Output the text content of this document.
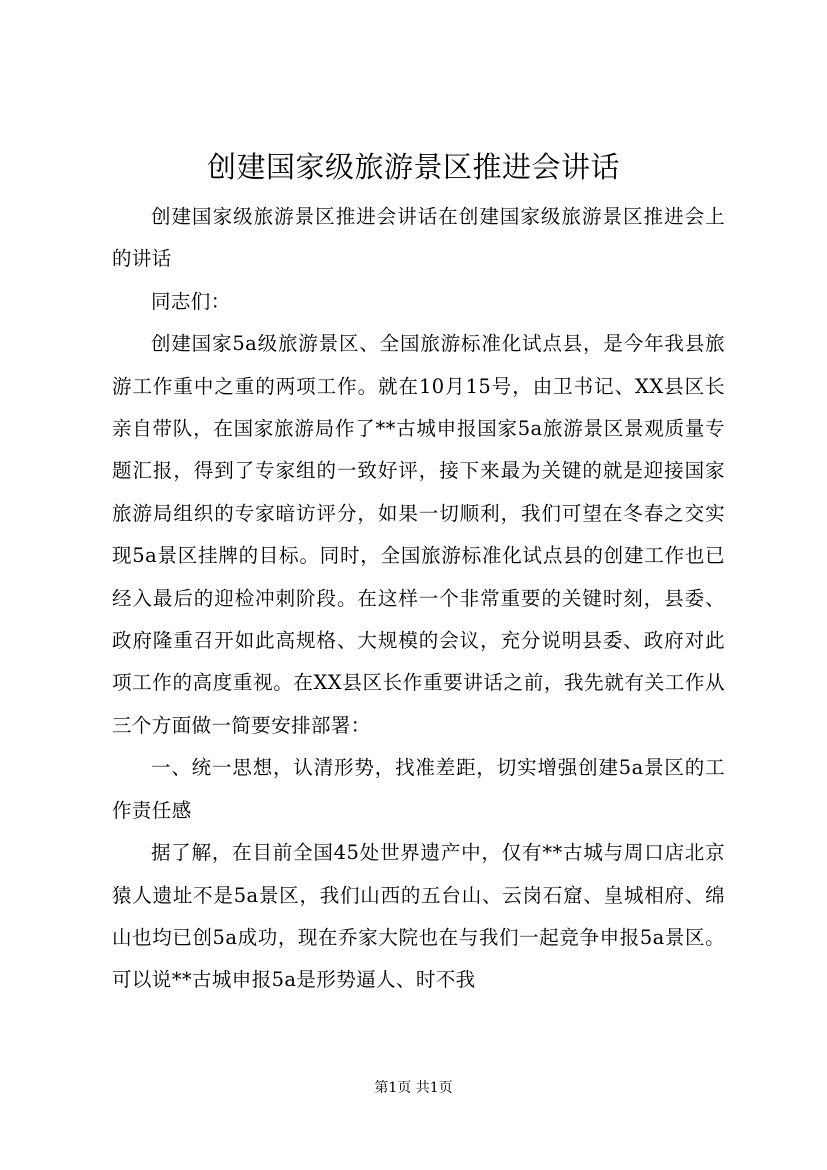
创建国家级旅游景区推进会讲话

创建国家级旅游景区推进会讲话在创建国家级旅游景区推进会上的讲话

同志们：

创建国家5a级旅游景区、全国旅游标准化试点县，是今年我县旅游工作重中之重的两项工作。就在10月15号，由卫书记、XX县区长亲自带队，在国家旅游局作了**古城申报国家5a旅游景区景观质量专题汇报，得到了专家组的一致好评，接下来最为关键的就是迎接国家旅游局组织的专家暗访评分，如果一切顺利，我们可望在冬春之交实现5a景区挂牌的目标。同时，全国旅游标准化试点县的创建工作也已经入最后的迎检冲刺阶段。在这样一个非常重要的关键时刻，县委、政府隆重召开如此高规格、大规模的会议，充分说明县委、政府对此项工作的高度重视。在XX县区长作重要讲话之前，我先就有关工作从三个方面做一简要安排部署：

一、统一思想，认清形势，找准差距，切实增强创建5a景区的工作责任感

据了解，在目前全国45处世界遗产中，仅有**古城与周口店北京猿人遗址不是5a景区，我们山西的五台山、云岗石窟、皇城相府、绵山也均已创5a成功，现在乔家大院也在与我们一起竞争申报5a景区。可以说**古城申报5a是形势逼人、时不我

第1页 共1页
